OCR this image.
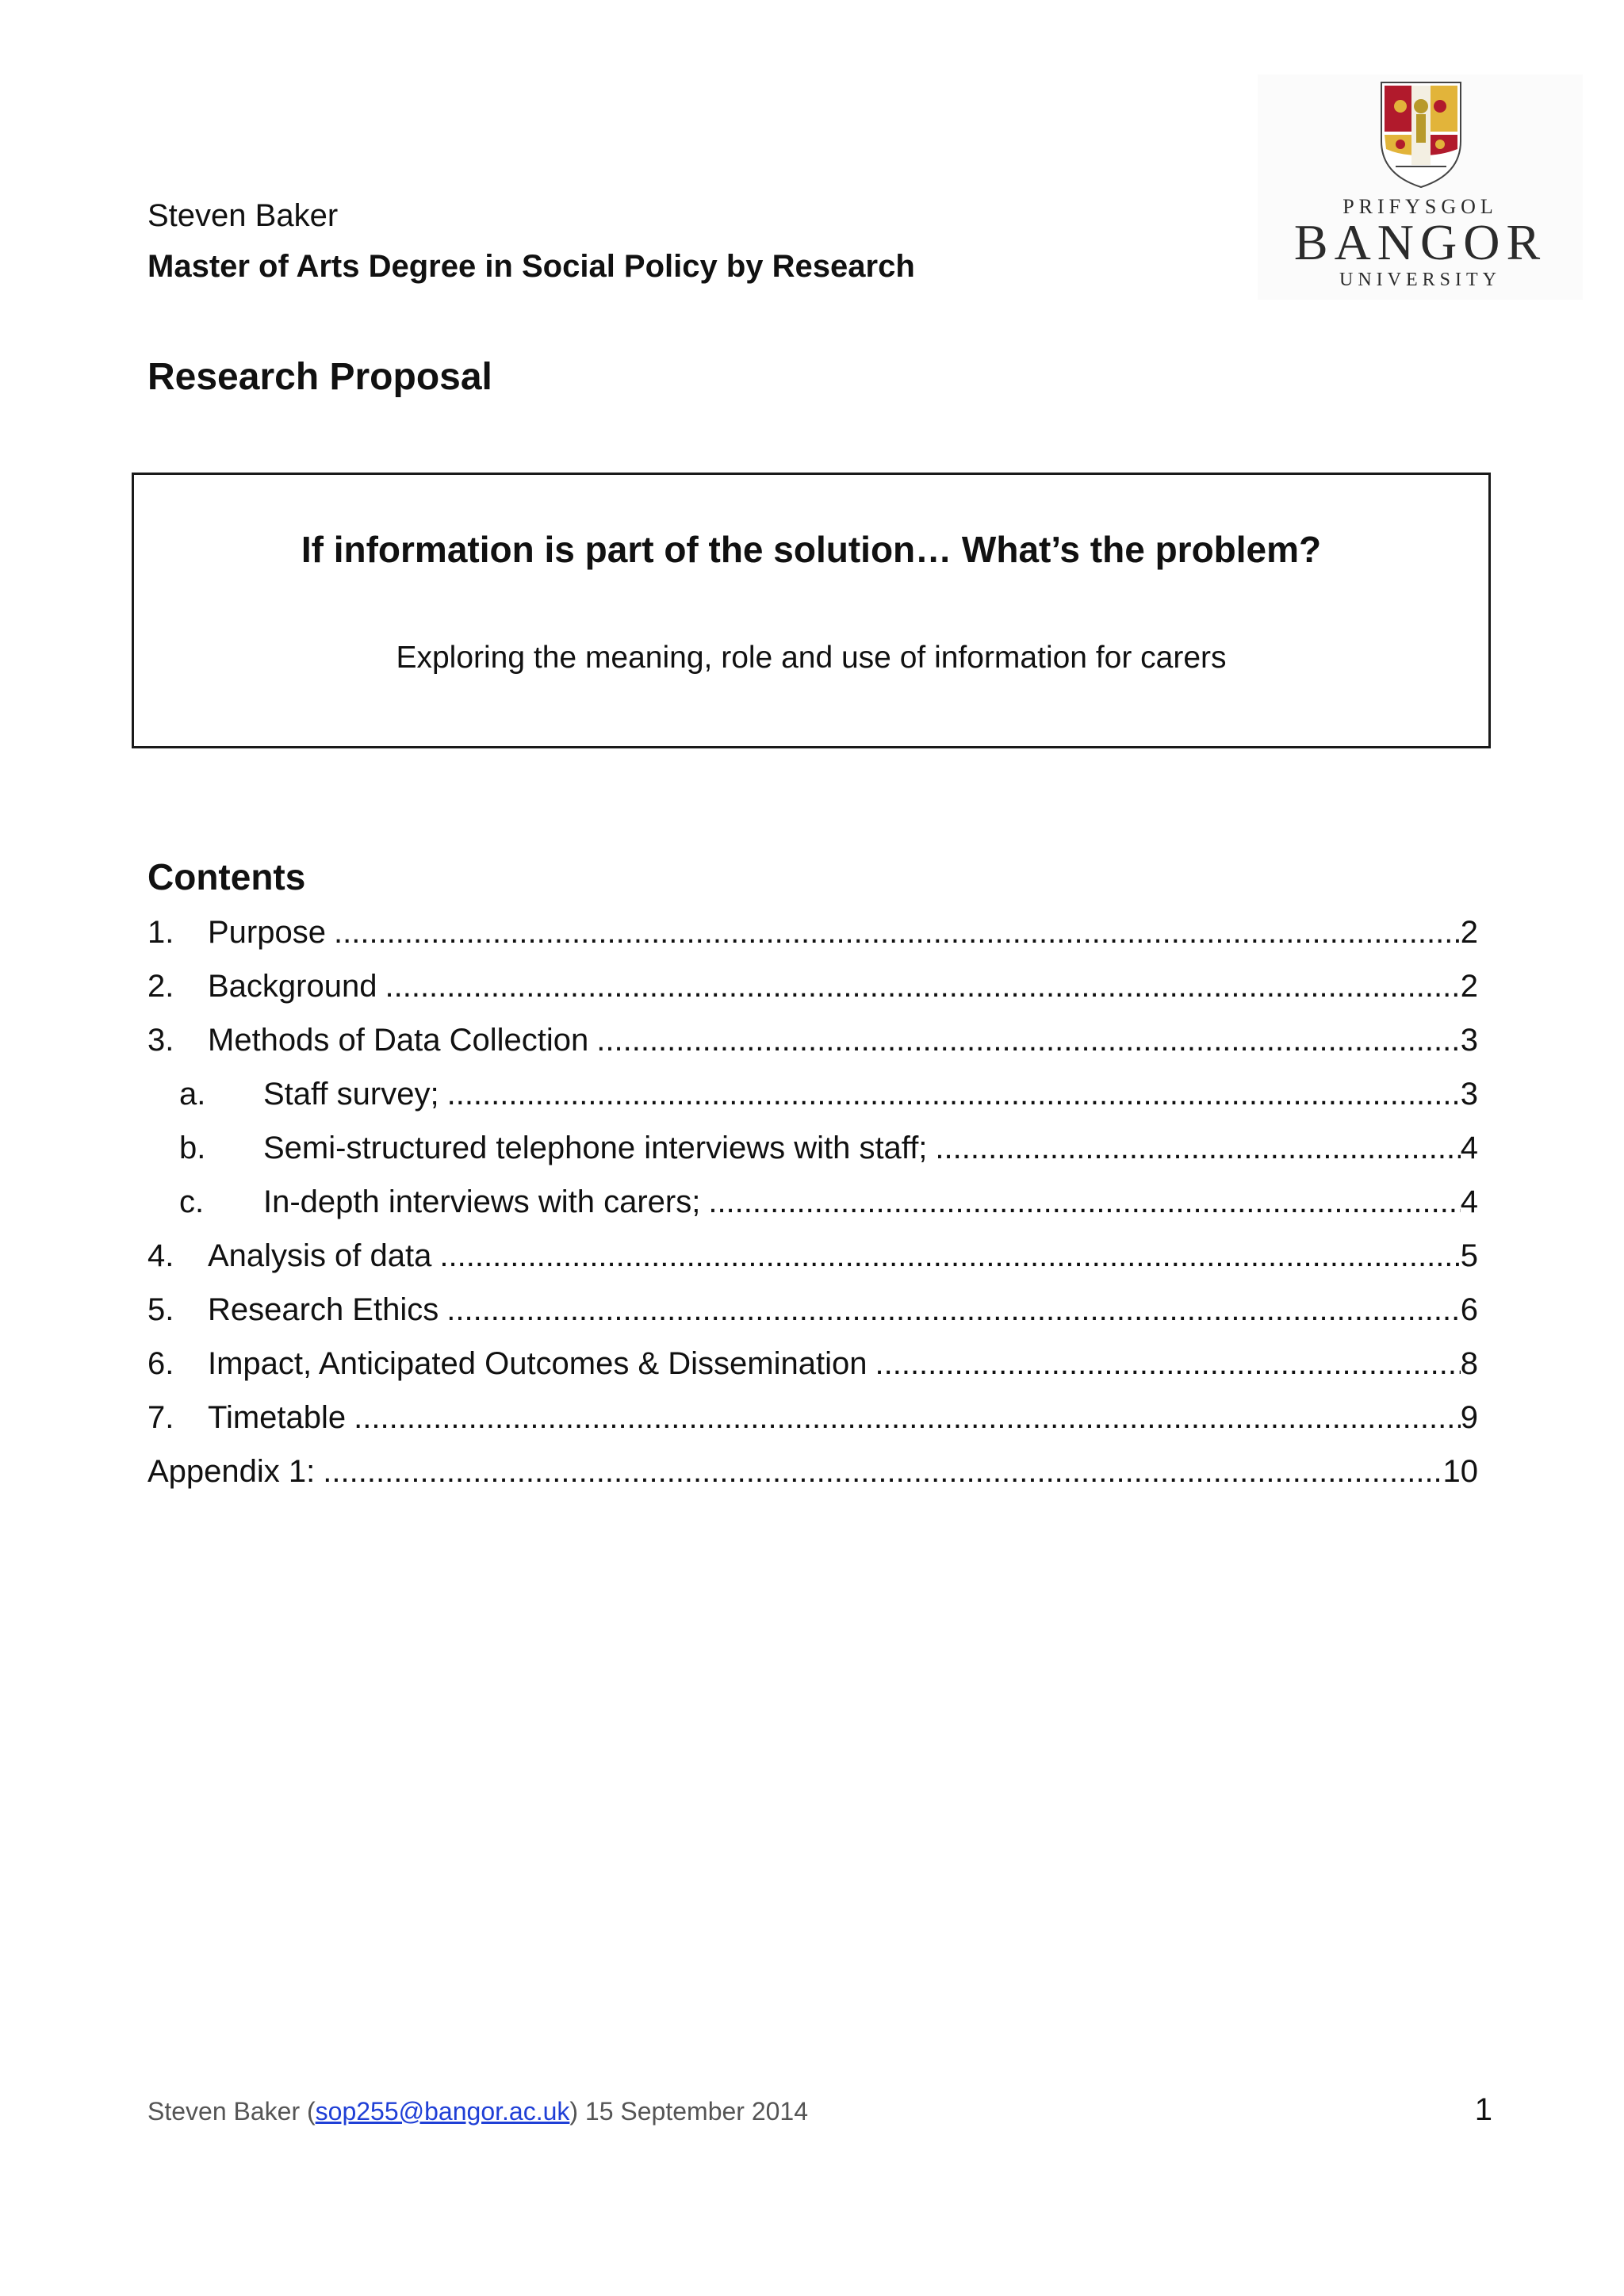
Steven Baker
Master of Arts Degree in Social Policy by Research
PRIFYSGOL
BANGOR
UNIVERSITY
Research Proposal
If information is part of the solution… What’s the problem?
Exploring the meaning, role and use of information for carers
Contents
1.	Purpose .....	2
2.	Background .....	2
3.	Methods of Data Collection .....	3
a.	Staff survey; .....	3
b.	Semi-structured telephone interviews with staff; .....	4
c.	In-depth interviews with carers; .....	4
4.	Analysis of data .....	5
5.	Research Ethics .....	6
6.	Impact, Anticipated Outcomes & Dissemination .....	8
7.	Timetable .....	9
Appendix 1: .....	10
Steven Baker (sop255@bangor.ac.uk) 15 September 2014	1
